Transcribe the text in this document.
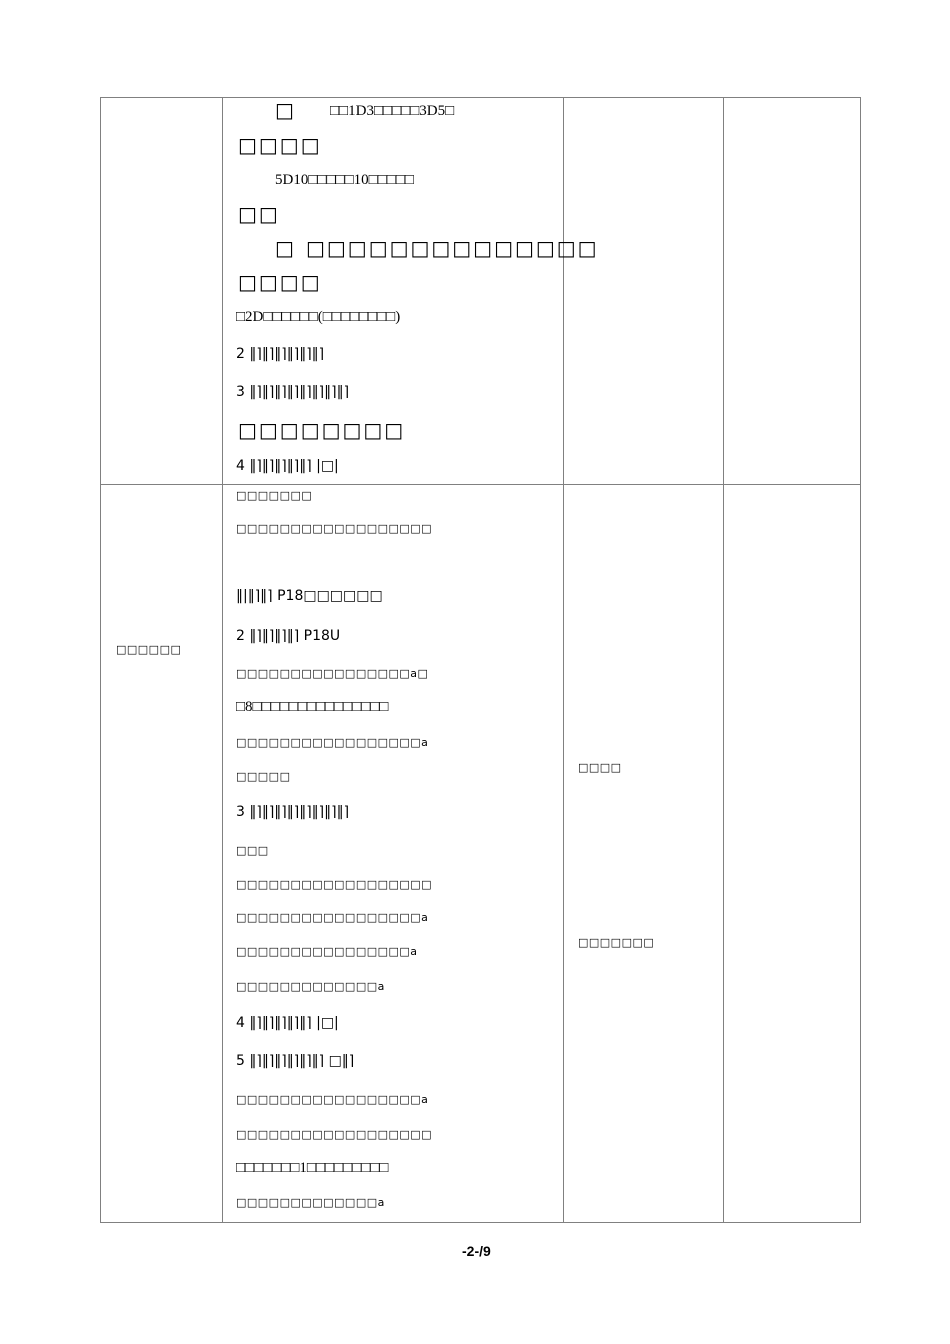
□ □□1D3□□□□□3D5□
□□□□
5D10□□□□□10□□□□□
□□
□ □□□□□□□□□□□□□□
□□□□
□2D□□□□□□(□□□□□□□□)
2 ‖⌉‖⌉‖⌉‖⌉‖⌉‖⌉
3 ‖⌉‖⌉‖⌉‖⌉‖⌉‖⌉‖⌉‖⌉
□□□□□□□□
4 ‖⌉‖⌉‖⌉‖⌉‖⌉ |□|
□□□□□□
□□□□□□□
□□□□□□□□□□□□□□□□□□
‖|‖⌉‖⌉ P18□□□□□□
2 ‖⌉‖⌉‖⌉‖⌉ P18U
□□□□□□□□□□□□□□□□a□
□8□□□□□□□□□□□□□□□
□□□□□□□□□□□□□□□□□a
□□□□□
3 ‖⌉‖⌉‖⌉‖⌉‖⌉‖⌉‖⌉‖⌉
□□□
□□□□□□□□□□□□□□□□□□
□□□□□□□□□□□□□□□□□a
□□□□□□□□□□□□□□□□a
□□□□□□□□□□□□□a
4 ‖⌉‖⌉‖⌉‖⌉‖⌉ |□|
5 ‖⌉‖⌉‖⌉‖⌉‖⌉‖⌉ □‖⌉
□□□□□□□□□□□□□□□□□a
□□□□□□□□□□□□□□□□□□
□□□□□□□1□□□□□□□□□
□□□□□□□□□□□□□a
□□□□
□□□□□□□
-2-/9
